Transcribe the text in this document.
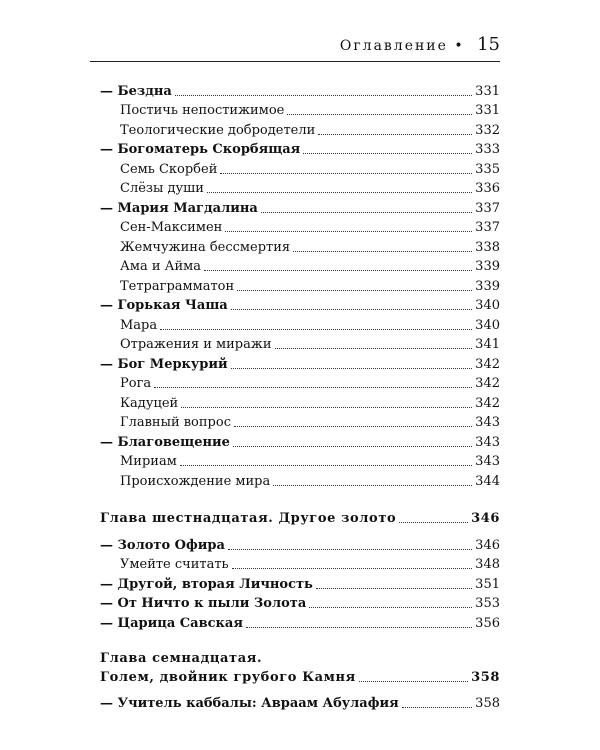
Оглавление • 15
— Бездна	331
Постичь непостижимое	331
Теологические добродетели	332
— Богоматерь Скорбящая	333
Семь Скорбей	335
Слёзы души	336
— Мария Магдалина	337
Сен-Максимен	337
Жемчужина бессмертия	338
Ама и Айма	339
Тетраграмматон	339
— Горькая Чаша	340
Мара	340
Отражения и миражи	341
— Бог Меркурий	342
Рога	342
Кадуцей	342
Главный вопрос	343
— Благовещение	343
Мириам	343
Происхождение мира	344
Глава шестнадцатая. Другое золото	346
— Золото Офира	346
Умейте считать	348
— Другой, вторая Личность	351
— От Ничто к пыли Золота	353
— Царица Савская	356
Глава семнадцатая.
Голем, двойник грубого Камня	358
— Учитель каббалы: Авраам Абулафия	358
